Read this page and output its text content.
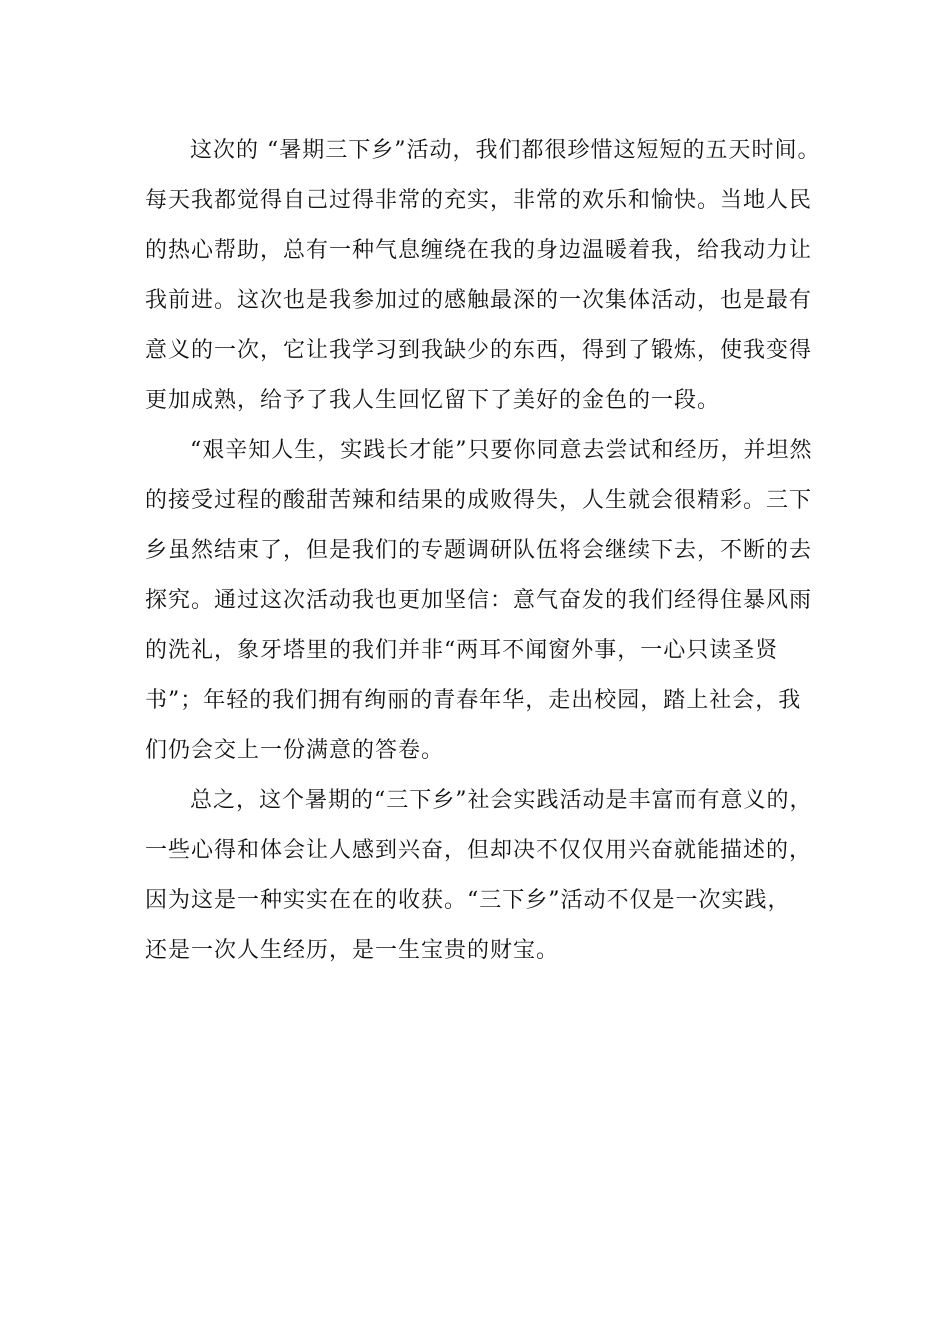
这次的 “暑期三下乡”活动，我们都很珍惜这短短的五天时间。
每天我都觉得自己过得非常的充实，非常的欢乐和愉快。当地人民
的热心帮助，总有一种气息缠绕在我的身边温暖着我，给我动力让
我前进。这次也是我参加过的感触最深的一次集体活动，也是最有
意义的一次，它让我学习到我缺少的东西，得到了锻炼，使我变得
更加成熟，给予了我人生回忆留下了美好的金色的一段。
“艰辛知人生，实践长才能”只要你同意去尝试和经历，并坦然
的接受过程的酸甜苦辣和结果的成败得失，人生就会很精彩。三下
乡虽然结束了，但是我们的专题调研队伍将会继续下去，不断的去
探究。通过这次活动我也更加坚信：意气奋发的我们经得住暴风雨
的洗礼，象牙塔里的我们并非“两耳不闻窗外事，一心只读圣贤
书”；年轻的我们拥有绚丽的青春年华，走出校园，踏上社会，我
们仍会交上一份满意的答卷。
总之，这个暑期的“三下乡”社会实践活动是丰富而有意义的，
一些心得和体会让人感到兴奋，但却决不仅仅用兴奋就能描述的，
因为这是一种实实在在的收获。“三下乡”活动不仅是一次实践，
还是一次人生经历，是一生宝贵的财宝。
